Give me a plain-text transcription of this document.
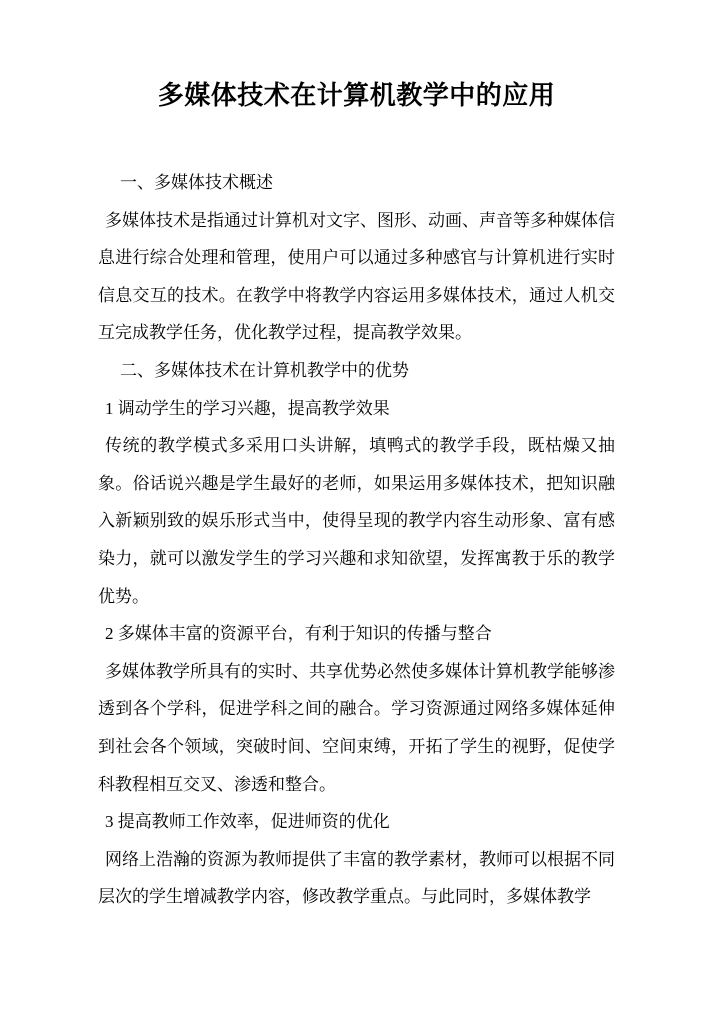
多媒体技术在计算机教学中的应用

一、多媒体技术概述

多媒体技术是指通过计算机对文字、图形、动画、声音等多种媒体信息进行综合处理和管理，使用户可以通过多种感官与计算机进行实时信息交互的技术。在教学中将教学内容运用多媒体技术，通过人机交互完成教学任务，优化教学过程，提高教学效果。

二、多媒体技术在计算机教学中的优势

1 调动学生的学习兴趣，提高教学效果

传统的教学模式多采用口头讲解，填鸭式的教学手段，既枯燥又抽象。俗话说兴趣是学生最好的老师，如果运用多媒体技术，把知识融入新颖别致的娱乐形式当中，使得呈现的教学内容生动形象、富有感染力，就可以激发学生的学习兴趣和求知欲望，发挥寓教于乐的教学优势。

2 多媒体丰富的资源平台，有利于知识的传播与整合

多媒体教学所具有的实时、共享优势必然使多媒体计算机教学能够渗透到各个学科，促进学科之间的融合。学习资源通过网络多媒体延伸到社会各个领域，突破时间、空间束缚，开拓了学生的视野，促使学科教程相互交叉、渗透和整合。

3 提高教师工作效率，促进师资的优化

网络上浩瀚的资源为教师提供了丰富的教学素材，教师可以根据不同层次的学生增减教学内容，修改教学重点。与此同时，多媒体教学
